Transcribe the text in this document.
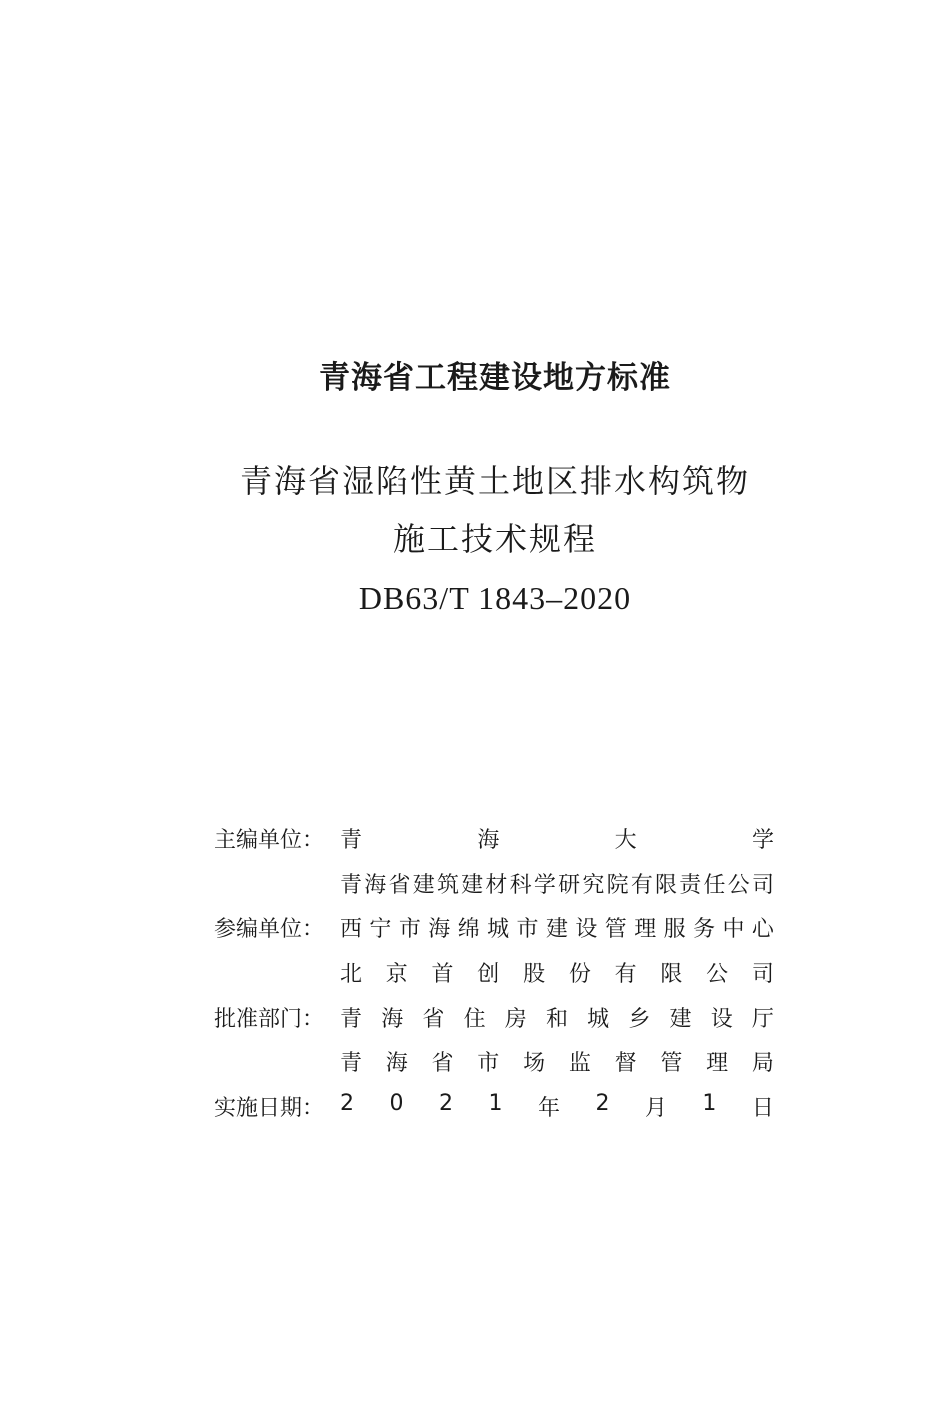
青海省工程建设地方标准
青海省湿陷性黄土地区排水构筑物
施工技术规程
DB63/T 1843–2020
主编单位： 青	海	大	学
青 海 省 建 筑 建 材 科 学 研 究 院 有 限 责 任 公 司
参编单位： 西 宁 市 海 绵 城 市 建 设 管 理 服 务 中 心
北 京 首 创 股 份 有 限 公 司
批准部门： 青 海 省 住 房 和 城 乡 建 设 厅
青 海 省 市 场 监 督 管 理 局
实施日期： 2 0 2 1 年 2 月 1 日
